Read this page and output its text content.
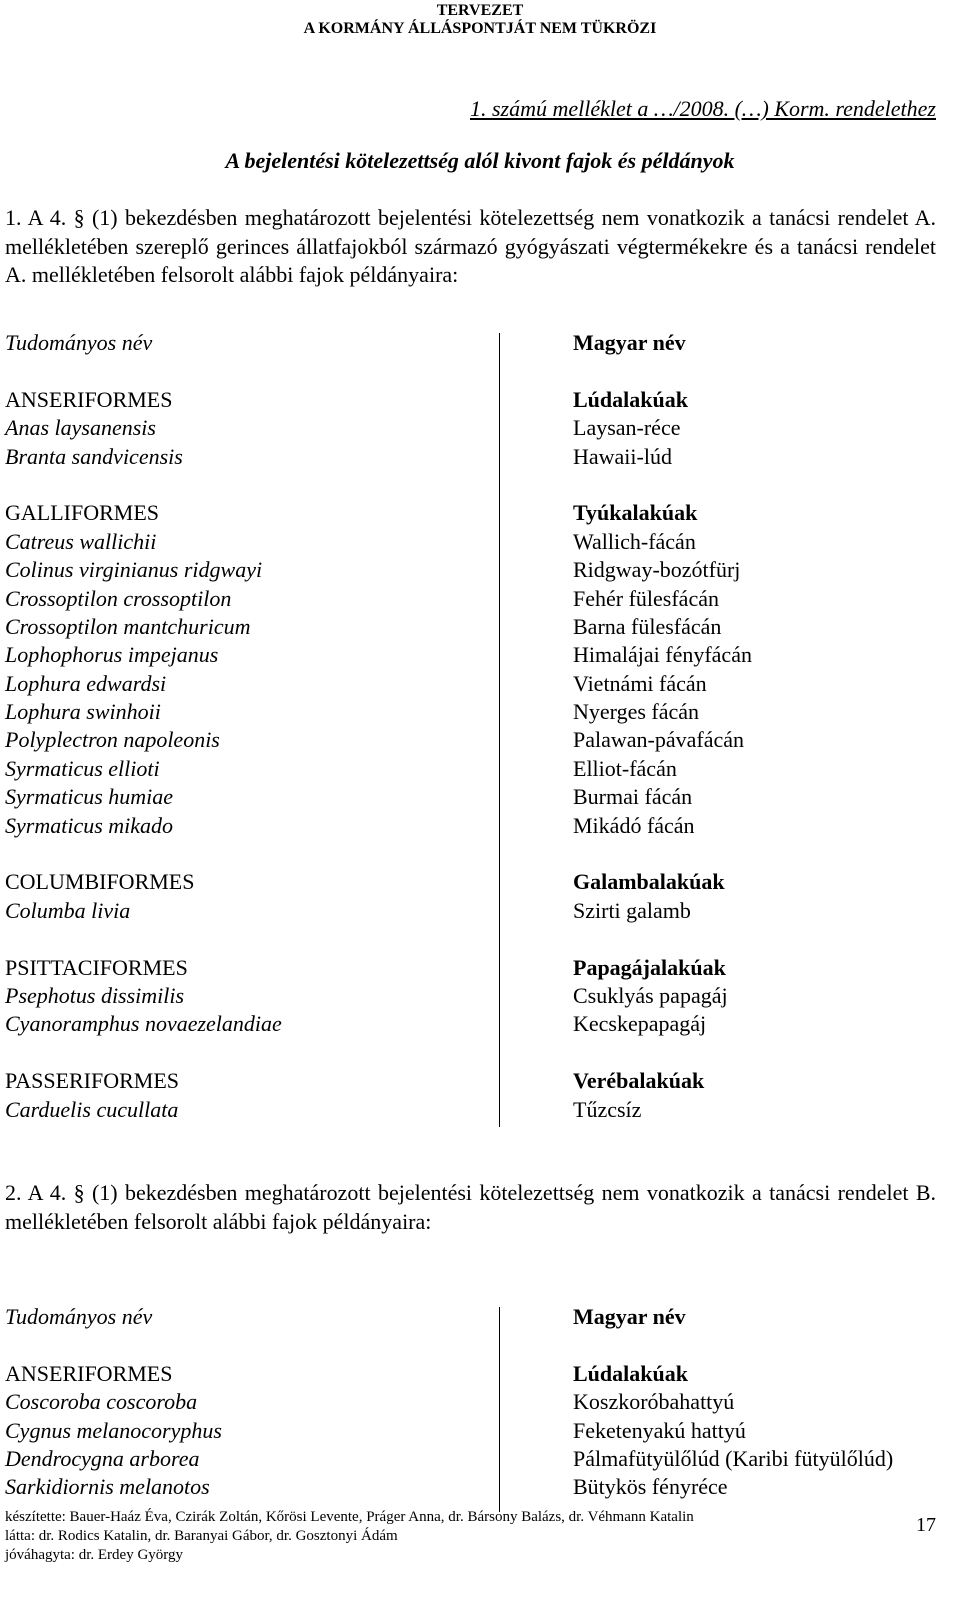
TERVEZET
A KORMÁNY ÁLLÁSPONTJÁT NEM TÜKRÖZI
1. számú melléklet a …/2008. (…) Korm. rendelethez
A bejelentési kötelezettség alól kivont fajok és példányok

1. A 4. § (1) bekezdésben meghatározott bejelentési kötelezettség nem vonatkozik a tanácsi rendelet A. mellékletében szereplő gerinces állatfajokból származó gyógyászati végtermékekre és a tanácsi rendelet A. mellékletében felsorolt alábbi fajok példányaira:

Tudományos név
ANSERIFORMES
Anas laysanensis
Branta sandvicensis
GALLIFORMES
Catreus wallichii
Colinus virginianus ridgwayi
Crossoptilon crossoptilon
Crossoptilon mantchuricum
Lophophorus impejanus
Lophura edwardsi
Lophura swinhoii
Polyplectron napoleonis
Syrmaticus ellioti
Syrmaticus humiae
Syrmaticus mikado
COLUMBIFORMES
Columba livia
PSITTACIFORMES
Psephotus dissimilis
Cyanoramphus novaezelandiae
PASSERIFORMES
Carduelis cucullata
Magyar név
Lúdalakúak
Laysan-réce
Hawaii-lúd
Tyúkalakúak
Wallich-fácán
Ridgway-bozótfürj
Fehér fülesfácán
Barna fülesfácán
Himalájai fényfácán
Vietnámi fácán
Nyerges fácán
Palawan-pávafácán
Elliot-fácán
Burmai fácán
Mikádó fácán
Galambalakúak
Szirti galamb
Papagájalakúak
Csuklyás papagáj
Kecskepapagáj
Verébalakúak
Tűzcsíz

2. A 4. § (1) bekezdésben meghatározott bejelentési kötelezettség nem vonatkozik a tanácsi rendelet B. mellékletében felsorolt alábbi fajok példányaira:

Tudományos név
ANSERIFORMES
Coscoroba coscoroba
Cygnus melanocoryphus
Dendrocygna arborea
Sarkidiornis melanotos
Magyar név
Lúdalakúak
Koszkoróbahattyú
Feketenyakú hattyú
Pálmafütyülőlúd (Karibi fütyülőlúd)
Bütykös fényréce
készítette: Bauer-Haáz Éva, Czirák Zoltán, Kőrösi Levente, Práger Anna, dr. Bársony Balázs, dr. Véhmann Katalin
látta: dr. Rodics Katalin, dr. Baranyai Gábor, dr. Gosztonyi Ádám
jóváhagyta: dr. Erdey György
17
